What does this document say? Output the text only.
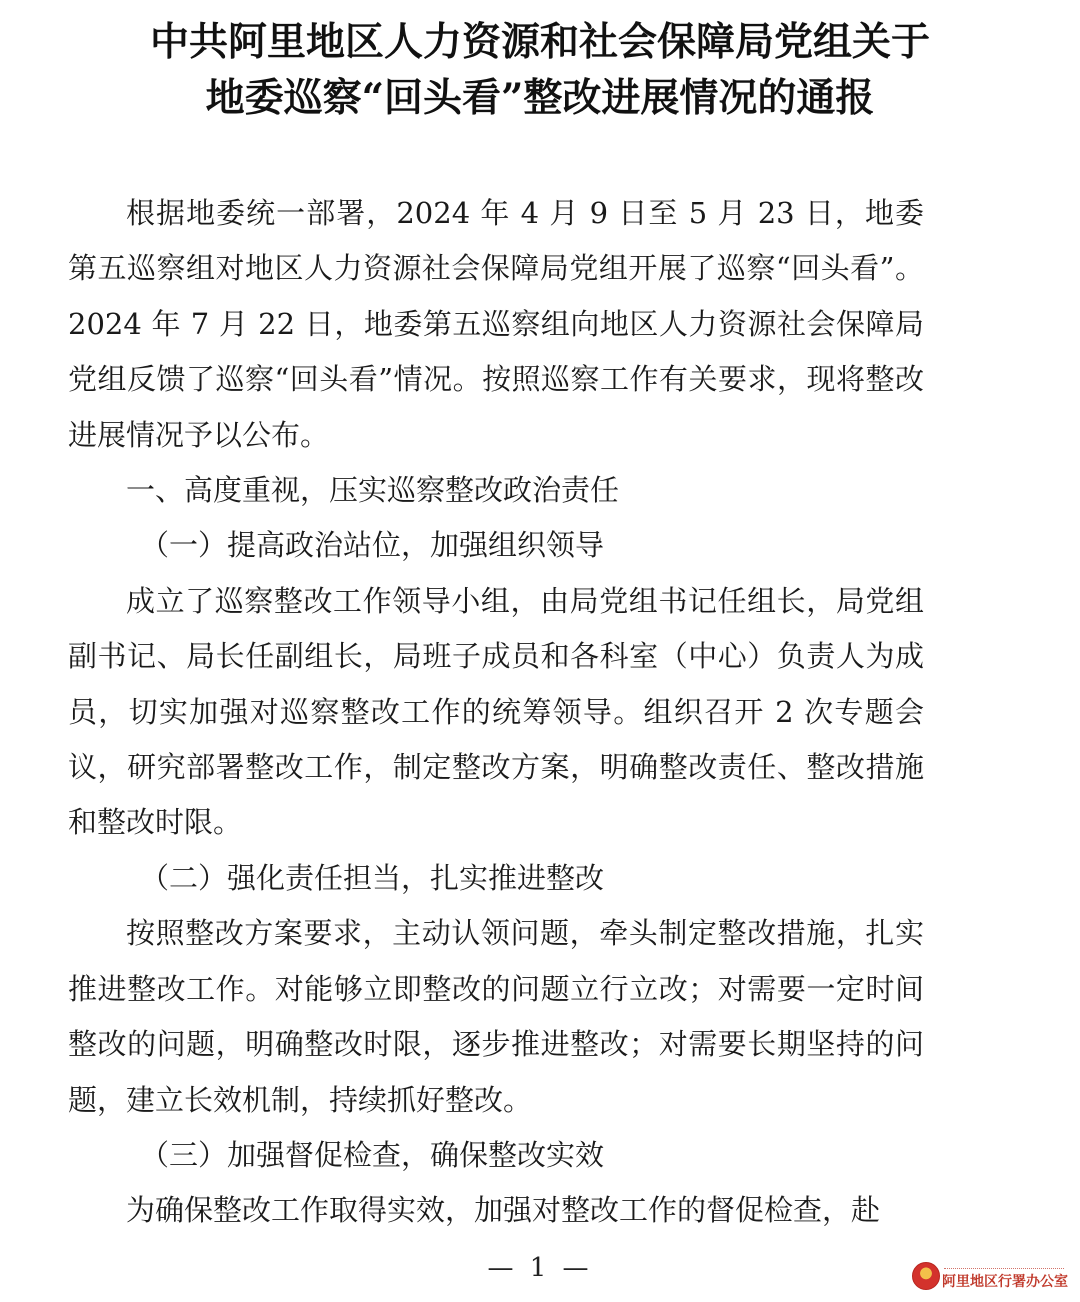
中共阿里地区人力资源和社会保障局党组关于
地委巡察“回头看”整改进展情况的通报

根据地委统一部署，2024 年 4 月 9 日至 5 月 23 日，地委第五巡察组对地区人力资源社会保障局党组开展了巡察“回头看”。2024 年 7 月 22 日，地委第五巡察组向地区人力资源社会保障局党组反馈了巡察“回头看”情况。按照巡察工作有关要求，现将整改进展情况予以公布。

一、高度重视，压实巡察整改政治责任

（一）提高政治站位，加强组织领导

成立了巡察整改工作领导小组，由局党组书记任组长，局党组副书记、局长任副组长，局班子成员和各科室（中心）负责人为成员，切实加强对巡察整改工作的统筹领导。组织召开 2 次专题会议，研究部署整改工作，制定整改方案，明确整改责任、整改措施和整改时限。

（二）强化责任担当，扎实推进整改

按照整改方案要求，主动认领问题，牵头制定整改措施，扎实推进整改工作。对能够立即整改的问题立行立改；对需要一定时间整改的问题，明确整改时限，逐步推进整改；对需要长期坚持的问题，建立长效机制，持续抓好整改。

（三）加强督促检查，确保整改实效

为确保整改工作取得实效，加强对整改工作的督促检查，赴

— 1 —	阿里地区行署办公室
